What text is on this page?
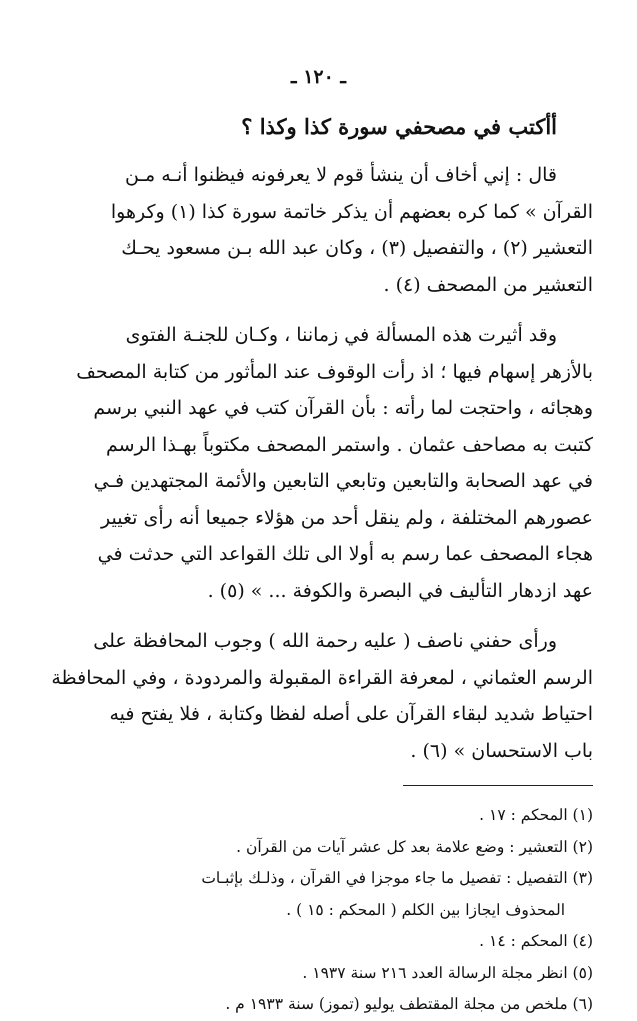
ـ ١٢٠ ـ
أأكتب في مصحفي سورة كذا وكذا ؟
قال : إني أخاف أن ينشأ قوم لا يعرفونه فيظنوا أنـه مـن
القرآن » كما كره بعضهم أن يذكر خاتمة سورة كذا (١) وكرهوا
التعشير (٢) ، والتفصيل (٣) ، وكان عبد الله بـن مسعود يحـك
التعشير من المصحف (٤) .
وقد أثيرت هذه المسألة في زماننا ، وكـان للجنـة الفتوى
بالأزهر إسهام فيها ؛ اذ رأت الوقوف عند المأثور من كتابة المصحف
وهجائه ، واحتجت لما رأته : بأن القرآن كتب في عهد النبي برسم
كتبت به مصاحف عثمان . واستمر المصحف مكتوباً بهـذا الرسم
في عهد الصحابة والتابعين وتابعي التابعين والأئمة المجتهدين فـي
عصورهم المختلفة ، ولم ينقل أحد من هؤلاء جميعا أنه رأى تغيير
هجاء المصحف عما رسم به أولا الى تلك القواعد التي حدثت في
عهد ازدهار التأليف في البصرة والكوفة ... » (٥) .
ورأى حفني ناصف ( عليه رحمة الله ) وجوب المحافظة على
الرسم العثماني ، لمعرفة القراءة المقبولة والمردودة ، وفي المحافظة
احتياط شديد لبقاء القرآن على أصله لفظا وكتابة ، فلا يفتح فيه
باب الاستحسان » (٦) .
(١) المحكم : ١٧ .
(٢) التعشير : وضع علامة بعد كل عشر آيات من القرآن .
(٣) التفصيل : تفصيل ما جاء موجزا في القرآن ، وذلـك بإثبـات
المحذوف ايجازا بين الكلم ( المحكم : ١٥ ) .
(٤) المحكم : ١٤ .
(٥) انظر مجلة الرسالة العدد ٢١٦ سنة ١٩٣٧ .
(٦) ملخص من مجلة المقتطف يوليو (تموز) سنة ١٩٣٣ م .
